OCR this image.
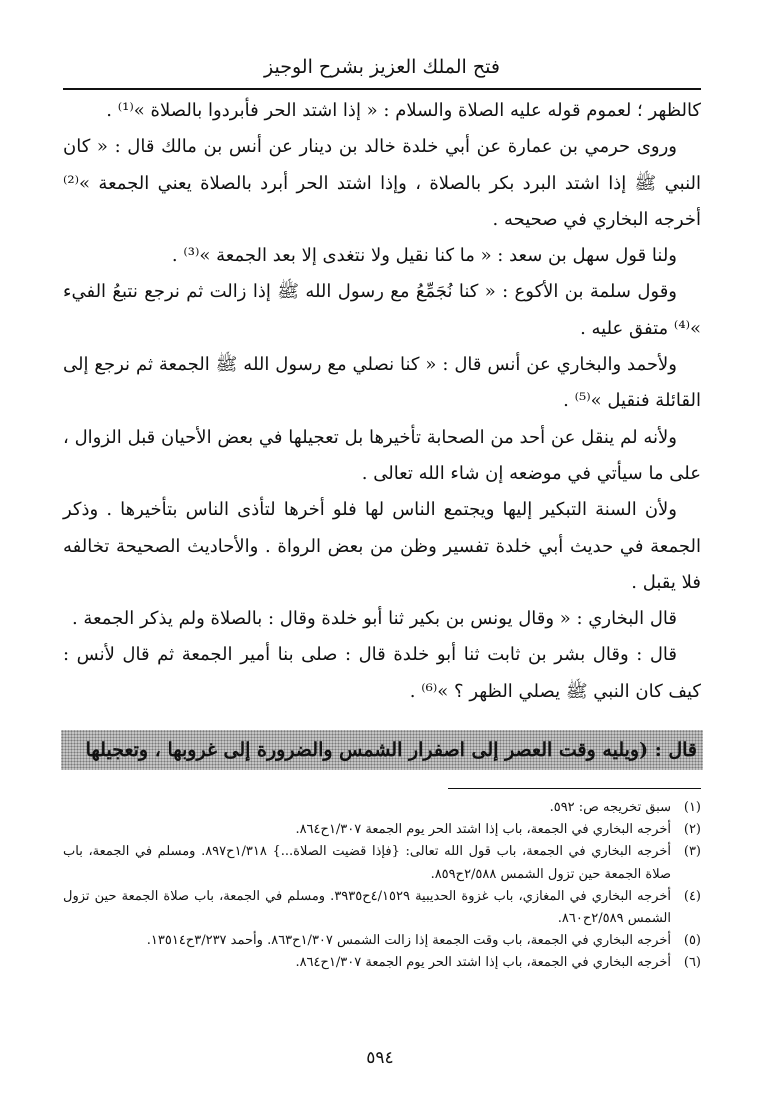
فتح الملك العزيز بشرح الوجيز

كالظهر ؛ لعموم قوله عليه الصلاة والسلام : « إذا اشتد الحر فأبردوا بالصلاة »⁽¹⁾ .

وروى حرمي بن عمارة عن أبي خلدة خالد بن دينار عن أنس بن مالك قال : « كان النبي ﷺ إذا اشتد البرد بكر بالصلاة ، وإذا اشتد الحر أبرد بالصلاة يعني الجمعة »⁽²⁾ أخرجه البخاري في صحيحه .

ولنا قول سهل بن سعد : « ما كنا نقيل ولا نتغدى إلا بعد الجمعة »⁽³⁾ .

وقول سلمة بن الأكوع : « كنا نُجَمِّعُ مع رسول الله ﷺ إذا زالت ثم نرجع نتبعُ الفيء »⁽⁴⁾ متفق عليه .

ولأحمد والبخاري عن أنس قال : « كنا نصلي مع رسول الله ﷺ الجمعة ثم نرجع إلى القائلة فنقيل »⁽⁵⁾ .

ولأنه لم ينقل عن أحد من الصحابة تأخيرها بل تعجيلها في بعض الأحيان قبل الزوال ، على ما سيأتي في موضعه إن شاء الله تعالى .

ولأن السنة التبكير إليها ويجتمع الناس لها فلو أخرها لتأذى الناس بتأخيرها . وذكر الجمعة في حديث أبي خلدة تفسير وظن من بعض الرواة . والأحاديث الصحيحة تخالفه فلا يقبل .

قال البخاري : « وقال يونس بن بكير ثنا أبو خلدة وقال : بالصلاة ولم يذكر الجمعة .

قال : وقال بشر بن ثابت ثنا أبو خلدة قال : صلى بنا أمير الجمعة ثم قال لأنس : كيف كان النبي ﷺ يصلي الظهر ؟ »⁽⁶⁾ .

قال : (ويليه وقت العصر إلى اصفرار الشمس والضرورة إلى غروبها ، وتعجيلها

(١)
سبق تخريجه ص: ٥٩٢.

(٢)
أخرجه البخاري في الجمعة، باب إذا اشتد الحر يوم الجمعة ١/٣٠٧ح٨٦٤.

(٣)
أخرجه البخاري في الجمعة، باب قول الله تعالى: {فإذا قضيت الصلاة...} ١/٣١٨ح٨٩٧. ومسلم في الجمعة، باب صلاة الجمعة حين تزول الشمس ٢/٥٨٨ح٨٥٩.

(٤)
أخرجه البخاري في المغازي، باب غزوة الحديبية ٤/١٥٢٩ح٣٩٣٥. ومسلم في الجمعة، باب صلاة الجمعة حين تزول الشمس ٢/٥٨٩ح٨٦٠.

(٥)
أخرجه البخاري في الجمعة، باب وقت الجمعة إذا زالت الشمس ١/٣٠٧ح٨٦٣. وأحمد ٣/٢٣٧ح١٣٥١٤.

(٦)
أخرجه البخاري في الجمعة، باب إذا اشتد الحر يوم الجمعة ١/٣٠٧ح٨٦٤.

٥٩٤
